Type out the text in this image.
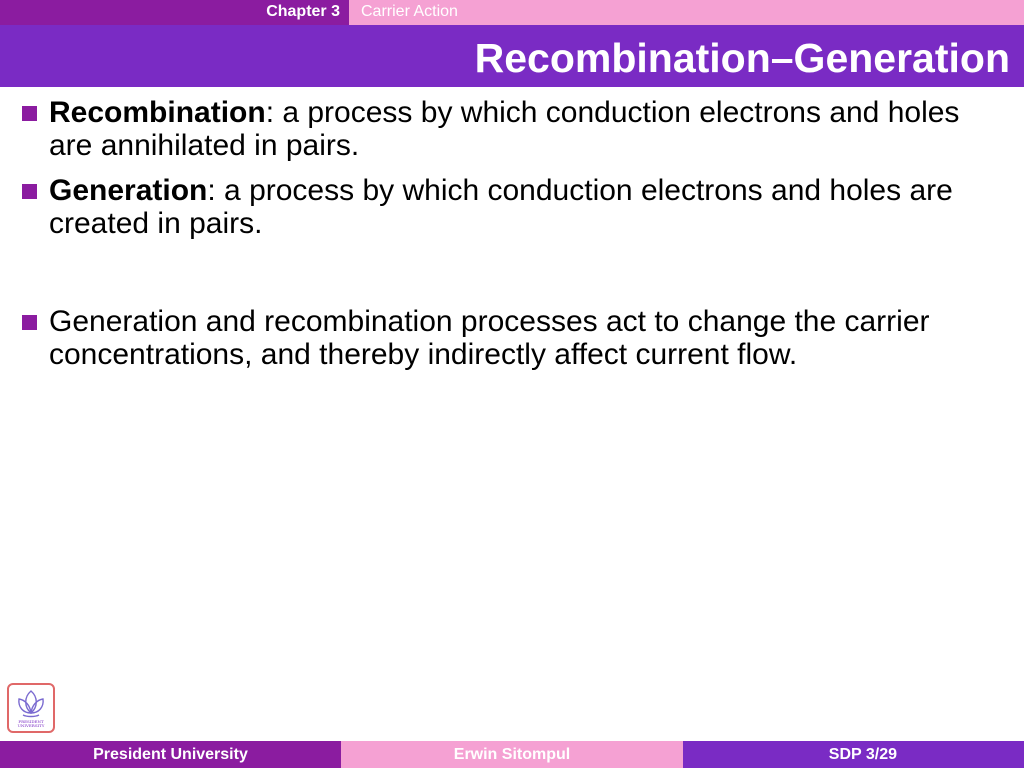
Chapter 3	Carrier Action
Recombination–Generation
Recombination: a process by which conduction electrons and holes are annihilated in pairs.
Generation: a process by which conduction electrons and holes are created in pairs.
Generation and recombination processes act to change the carrier concentrations, and thereby indirectly affect current flow.
PRESIDENT
UNIVERSITY
President University	Erwin Sitompul	SDP 3/29
